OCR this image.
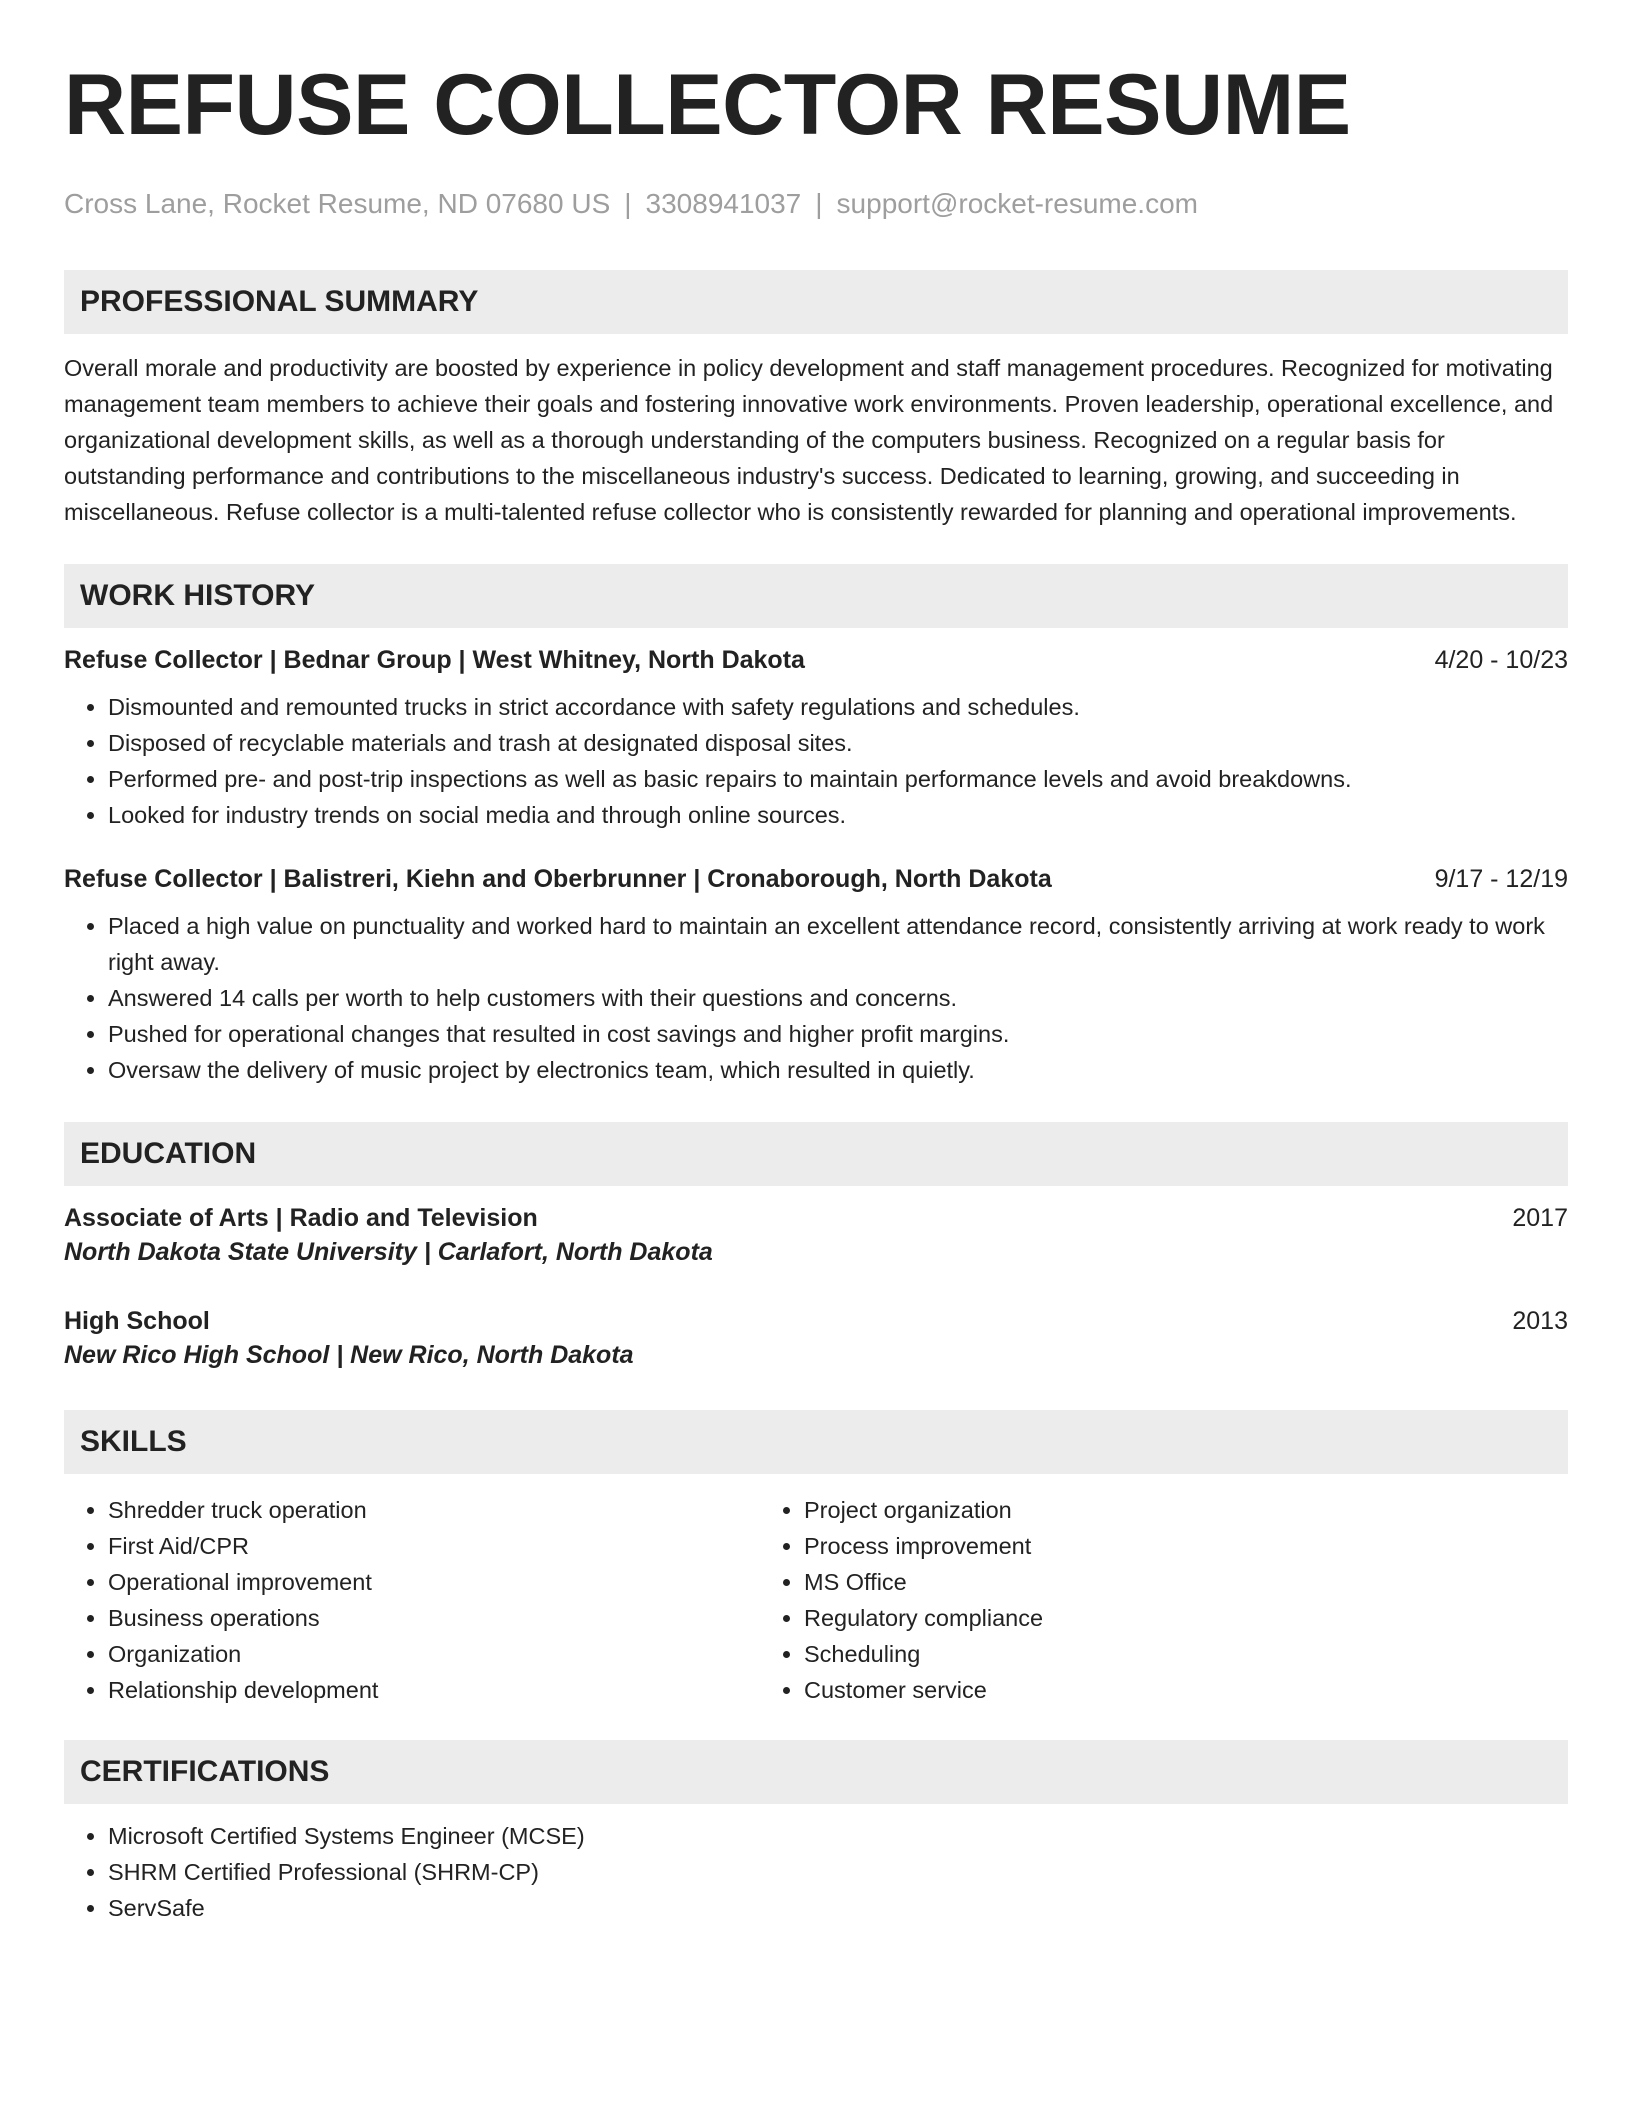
REFUSE COLLECTOR RESUME
Cross Lane, Rocket Resume, ND 07680 US | 3308941037 | support@rocket-resume.com
PROFESSIONAL SUMMARY

Overall morale and productivity are boosted by experience in policy development and staff management procedures. Recognized for motivating management team members to achieve their goals and fostering innovative work environments. Proven leadership, operational excellence, and organizational development skills, as well as a thorough understanding of the computers business. Recognized on a regular basis for outstanding performance and contributions to the miscellaneous industry's success. Dedicated to learning, growing, and succeeding in miscellaneous. Refuse collector is a multi-talented refuse collector who is consistently rewarded for planning and operational improvements.

WORK HISTORY
Refuse Collector | Bednar Group | West Whitney, North Dakota	4/20 - 10/23
• Dismounted and remounted trucks in strict accordance with safety regulations and schedules.
• Disposed of recyclable materials and trash at designated disposal sites.
• Performed pre- and post-trip inspections as well as basic repairs to maintain performance levels and avoid breakdowns.
• Looked for industry trends on social media and through online sources.
Refuse Collector | Balistreri, Kiehn and Oberbrunner | Cronaborough, North Dakota	9/17 - 12/19
• Placed a high value on punctuality and worked hard to maintain an excellent attendance record, consistently arriving at work ready to work right away.
• Answered 14 calls per worth to help customers with their questions and concerns.
• Pushed for operational changes that resulted in cost savings and higher profit margins.
• Oversaw the delivery of music project by electronics team, which resulted in quietly.
EDUCATION
Associate of Arts | Radio and Television	2017
North Dakota State University | Carlafort, North Dakota
High School	2013
New Rico High School | New Rico, North Dakota
SKILLS
• Shredder truck operation
• First Aid/CPR
• Operational improvement
• Business operations
• Organization
• Relationship development
• Project organization
• Process improvement
• MS Office
• Regulatory compliance
• Scheduling
• Customer service
CERTIFICATIONS
• Microsoft Certified Systems Engineer (MCSE)
• SHRM Certified Professional (SHRM-CP)
• ServSafe
